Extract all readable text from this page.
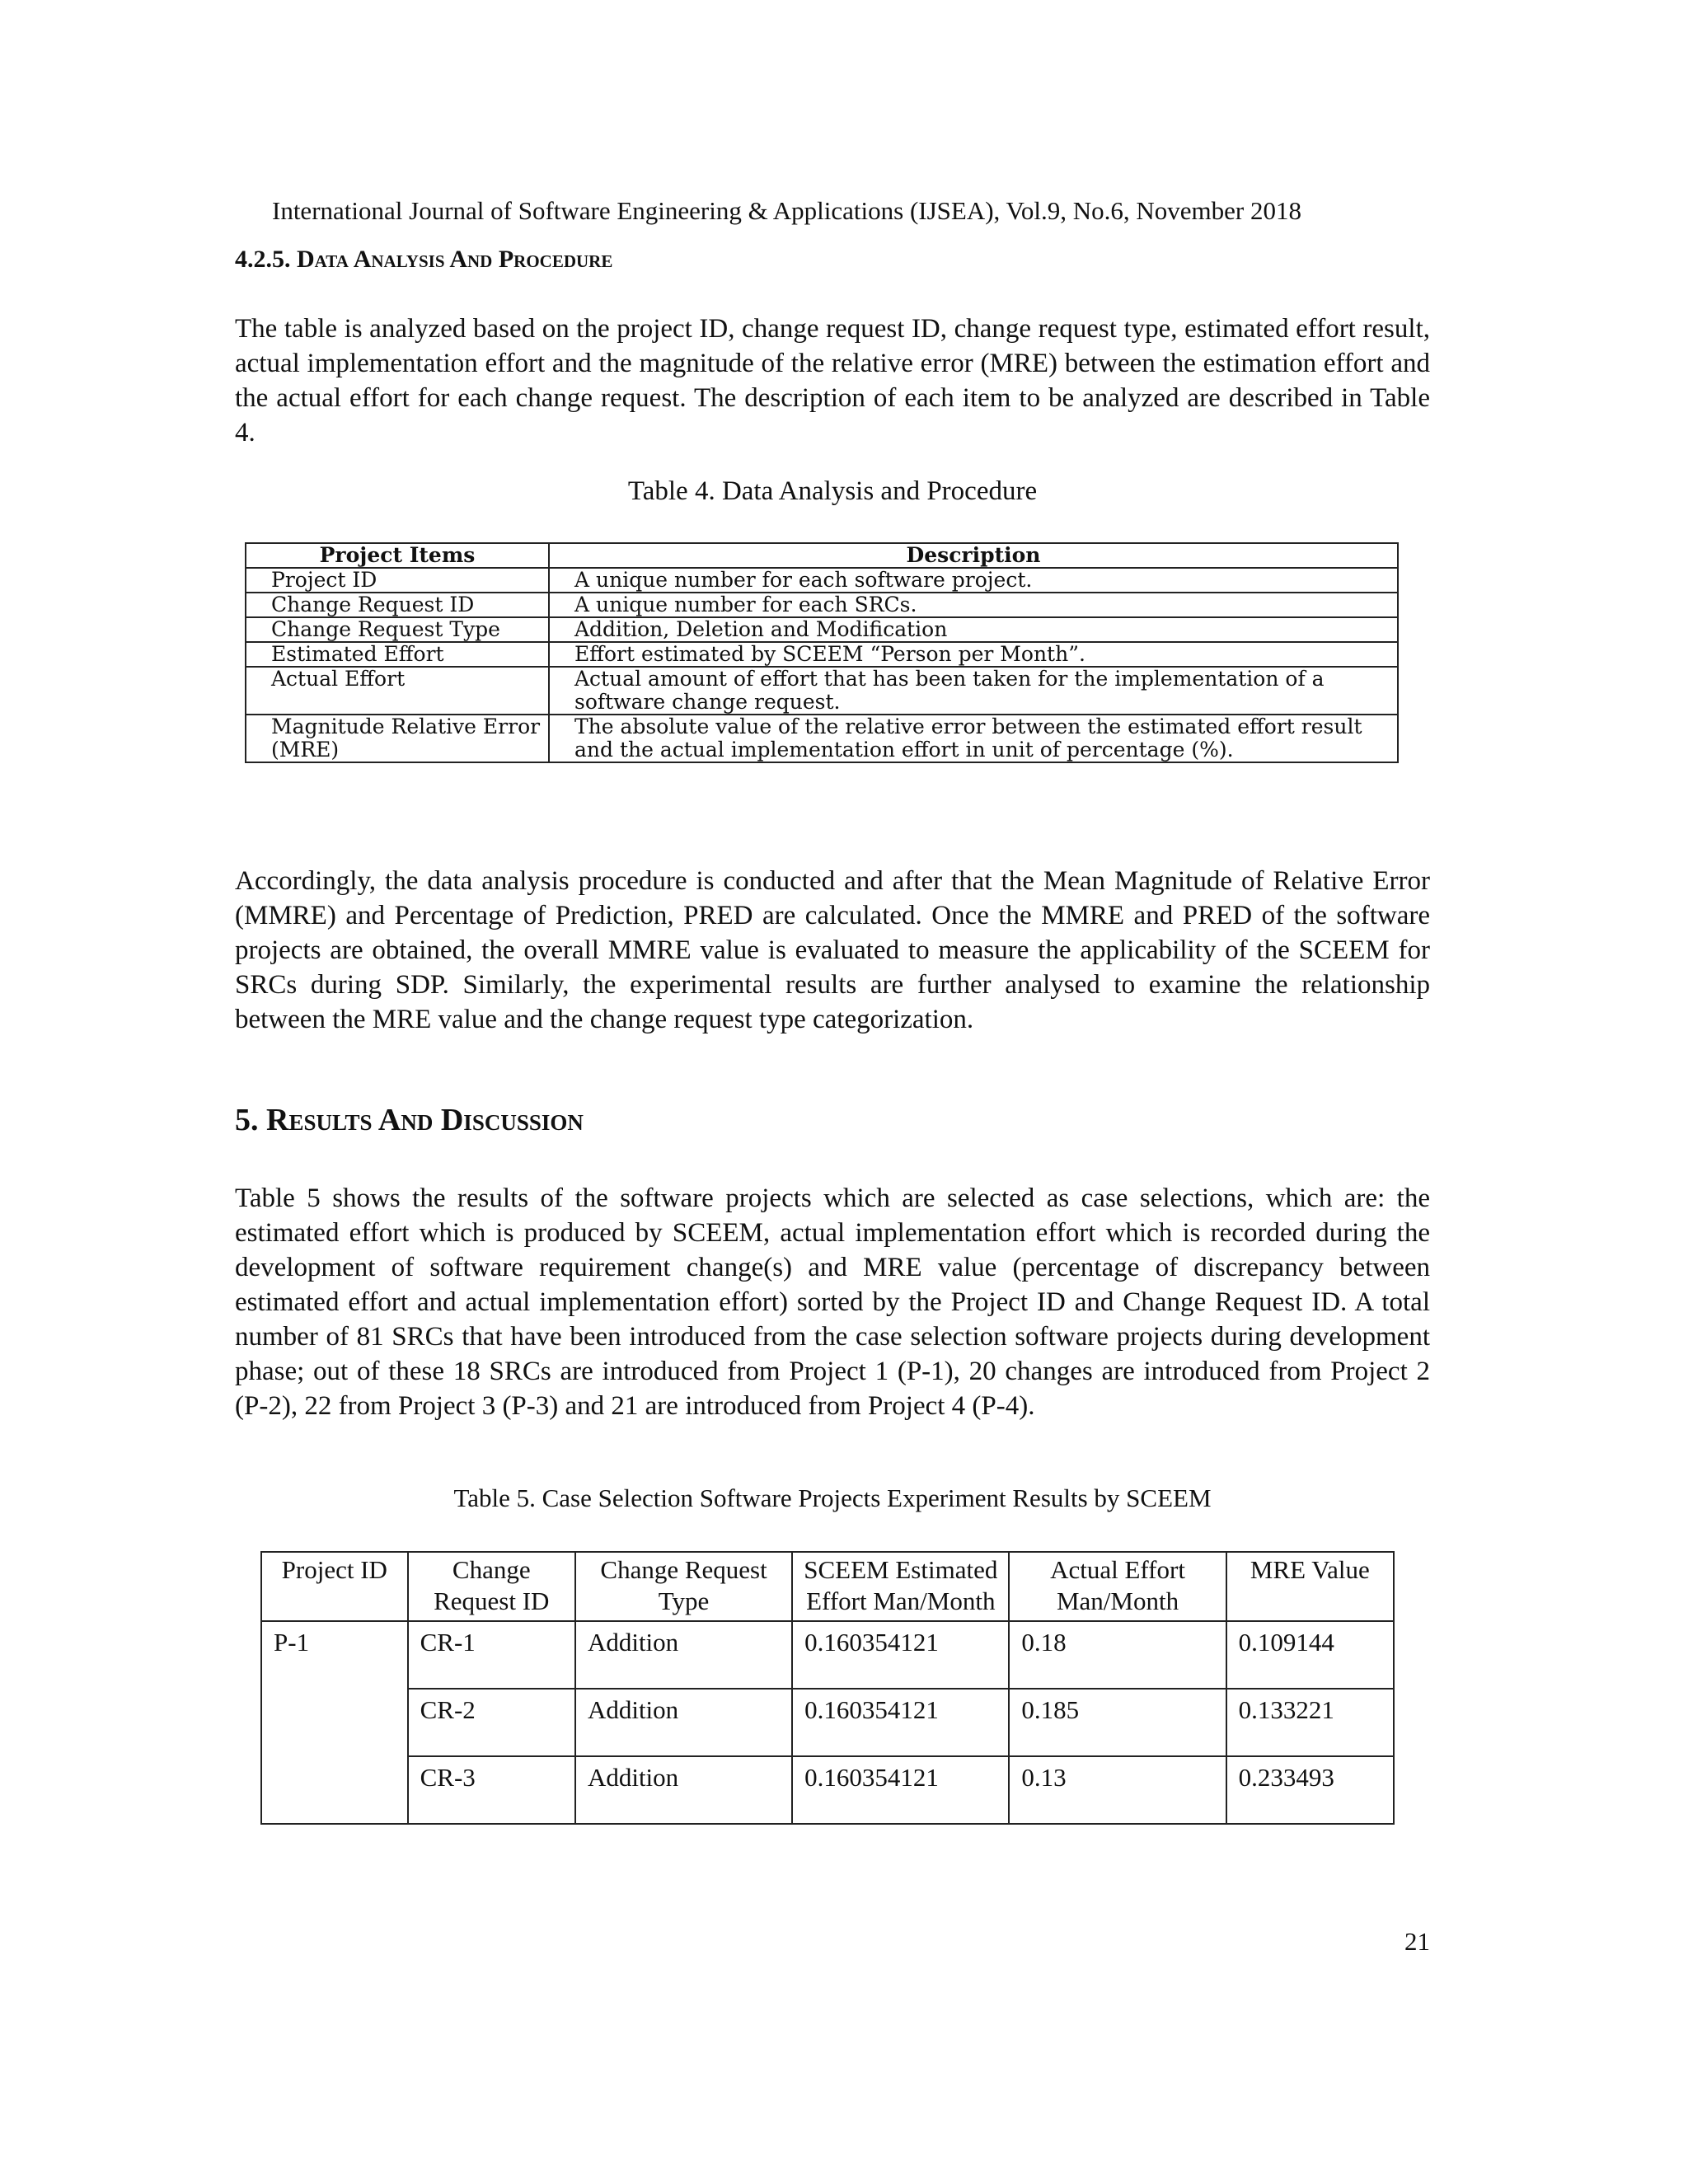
International Journal of Software Engineering & Applications (IJSEA), Vol.9, No.6, November 2018
4.2.5. Data Analysis And Procedure
The table is analyzed based on the project ID, change request ID, change request type, estimated effort result, actual implementation effort and the magnitude of the relative error (MRE) between the estimation effort and the actual effort for each change request. The description of each item to be analyzed are described in Table 4.
Table 4. Data Analysis and Procedure
Project Items	Description
Project ID	A unique number for each software project.
Change Request ID	A unique number for each SRCs.
Change Request Type	Addition, Deletion and Modification
Estimated Effort	Effort estimated by SCEEM “Person per Month”.
Actual Effort	Actual amount of effort that has been taken for the implementation of a software change request.
Magnitude Relative Error (MRE)	The absolute value of the relative error between the estimated effort result and the actual implementation effort in unit of percentage (%).
Accordingly, the data analysis procedure is conducted and after that the Mean Magnitude of Relative Error (MMRE) and Percentage of Prediction, PRED are calculated. Once the MMRE and PRED of the software projects are obtained, the overall MMRE value is evaluated to measure the applicability of the SCEEM for SRCs during SDP. Similarly, the experimental results are further analysed to examine the relationship between the MRE value and the change request type categorization.
5. Results And Discussion
Table 5 shows the results of the software projects which are selected as case selections, which are: the estimated effort which is produced by SCEEM, actual implementation effort which is recorded during the development of software requirement change(s) and MRE value (percentage of discrepancy between estimated effort and actual implementation effort) sorted by the Project ID and Change Request ID. A total number of 81 SRCs that have been introduced from the case selection software projects during development phase; out of these 18 SRCs are introduced from Project 1 (P-1), 20 changes are introduced from Project 2 (P-2), 22 from Project 3 (P-3) and 21 are introduced from Project 4 (P-4).
Table 5. Case Selection Software Projects Experiment Results by SCEEM
Project ID	Change Request ID	Change Request Type	SCEEM Estimated Effort Man/Month	Actual Effort Man/Month	MRE Value
P-1	CR-1	Addition	0.160354121	0.18	0.109144
	CR-2	Addition	0.160354121	0.185	0.133221
	CR-3	Addition	0.160354121	0.13	0.233493
21
